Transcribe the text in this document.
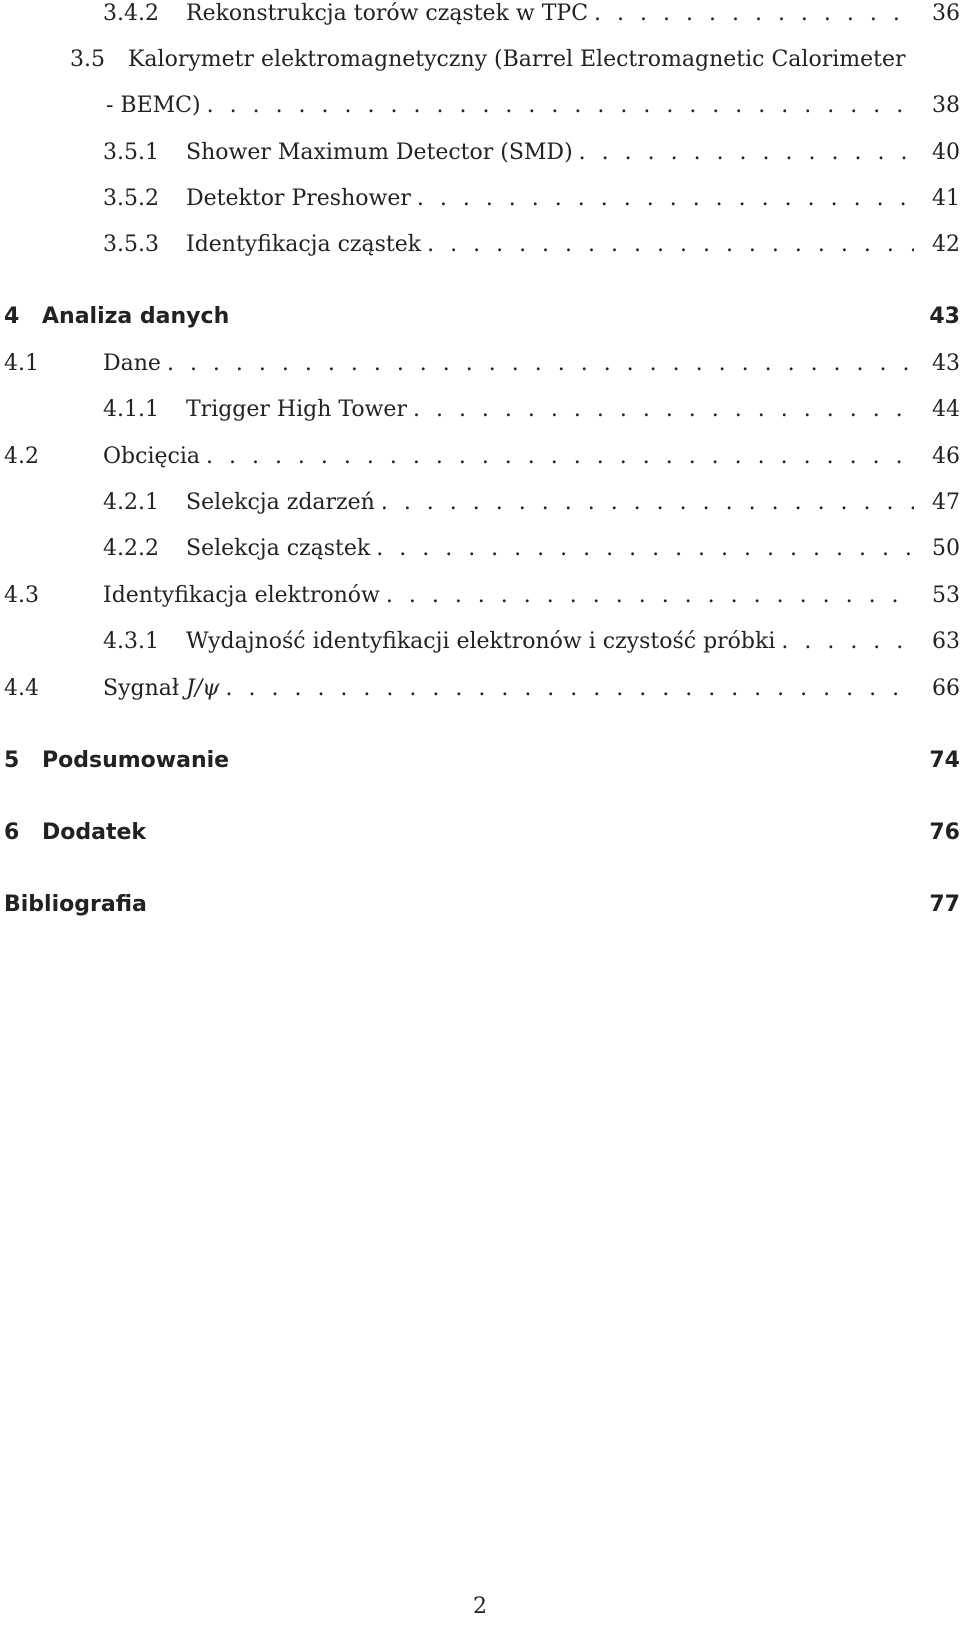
3.4.2 Rekonstrukcja torów cząstek w TPC . . .	36
3.5 Kalorymetr elektromagnetyczny (Barrel Electromagnetic Calorimeter
- BEMC) . . .	38
3.5.1 Shower Maximum Detector (SMD) . . .	40
3.5.2 Detektor Preshower . . .	41
3.5.3 Identyfikacja cząstek . . .	42
4 Analiza danych	43
4.1	Dane . . .	43
4.1.1 Trigger High Tower . . .	44
4.2	Obcięcia . . .	46
4.2.1 Selekcja zdarzeń . . .	47
4.2.2 Selekcja cząstek . . .	50
4.3	Identyfikacja elektronów . . .	53
4.3.1 Wydajność identyfikacji elektronów i czystość próbki . . .	63
4.4	Sygnał J/ψ . . .	66
5 Podsumowanie	74
6 Dodatek	76
Bibliografia	77
2
